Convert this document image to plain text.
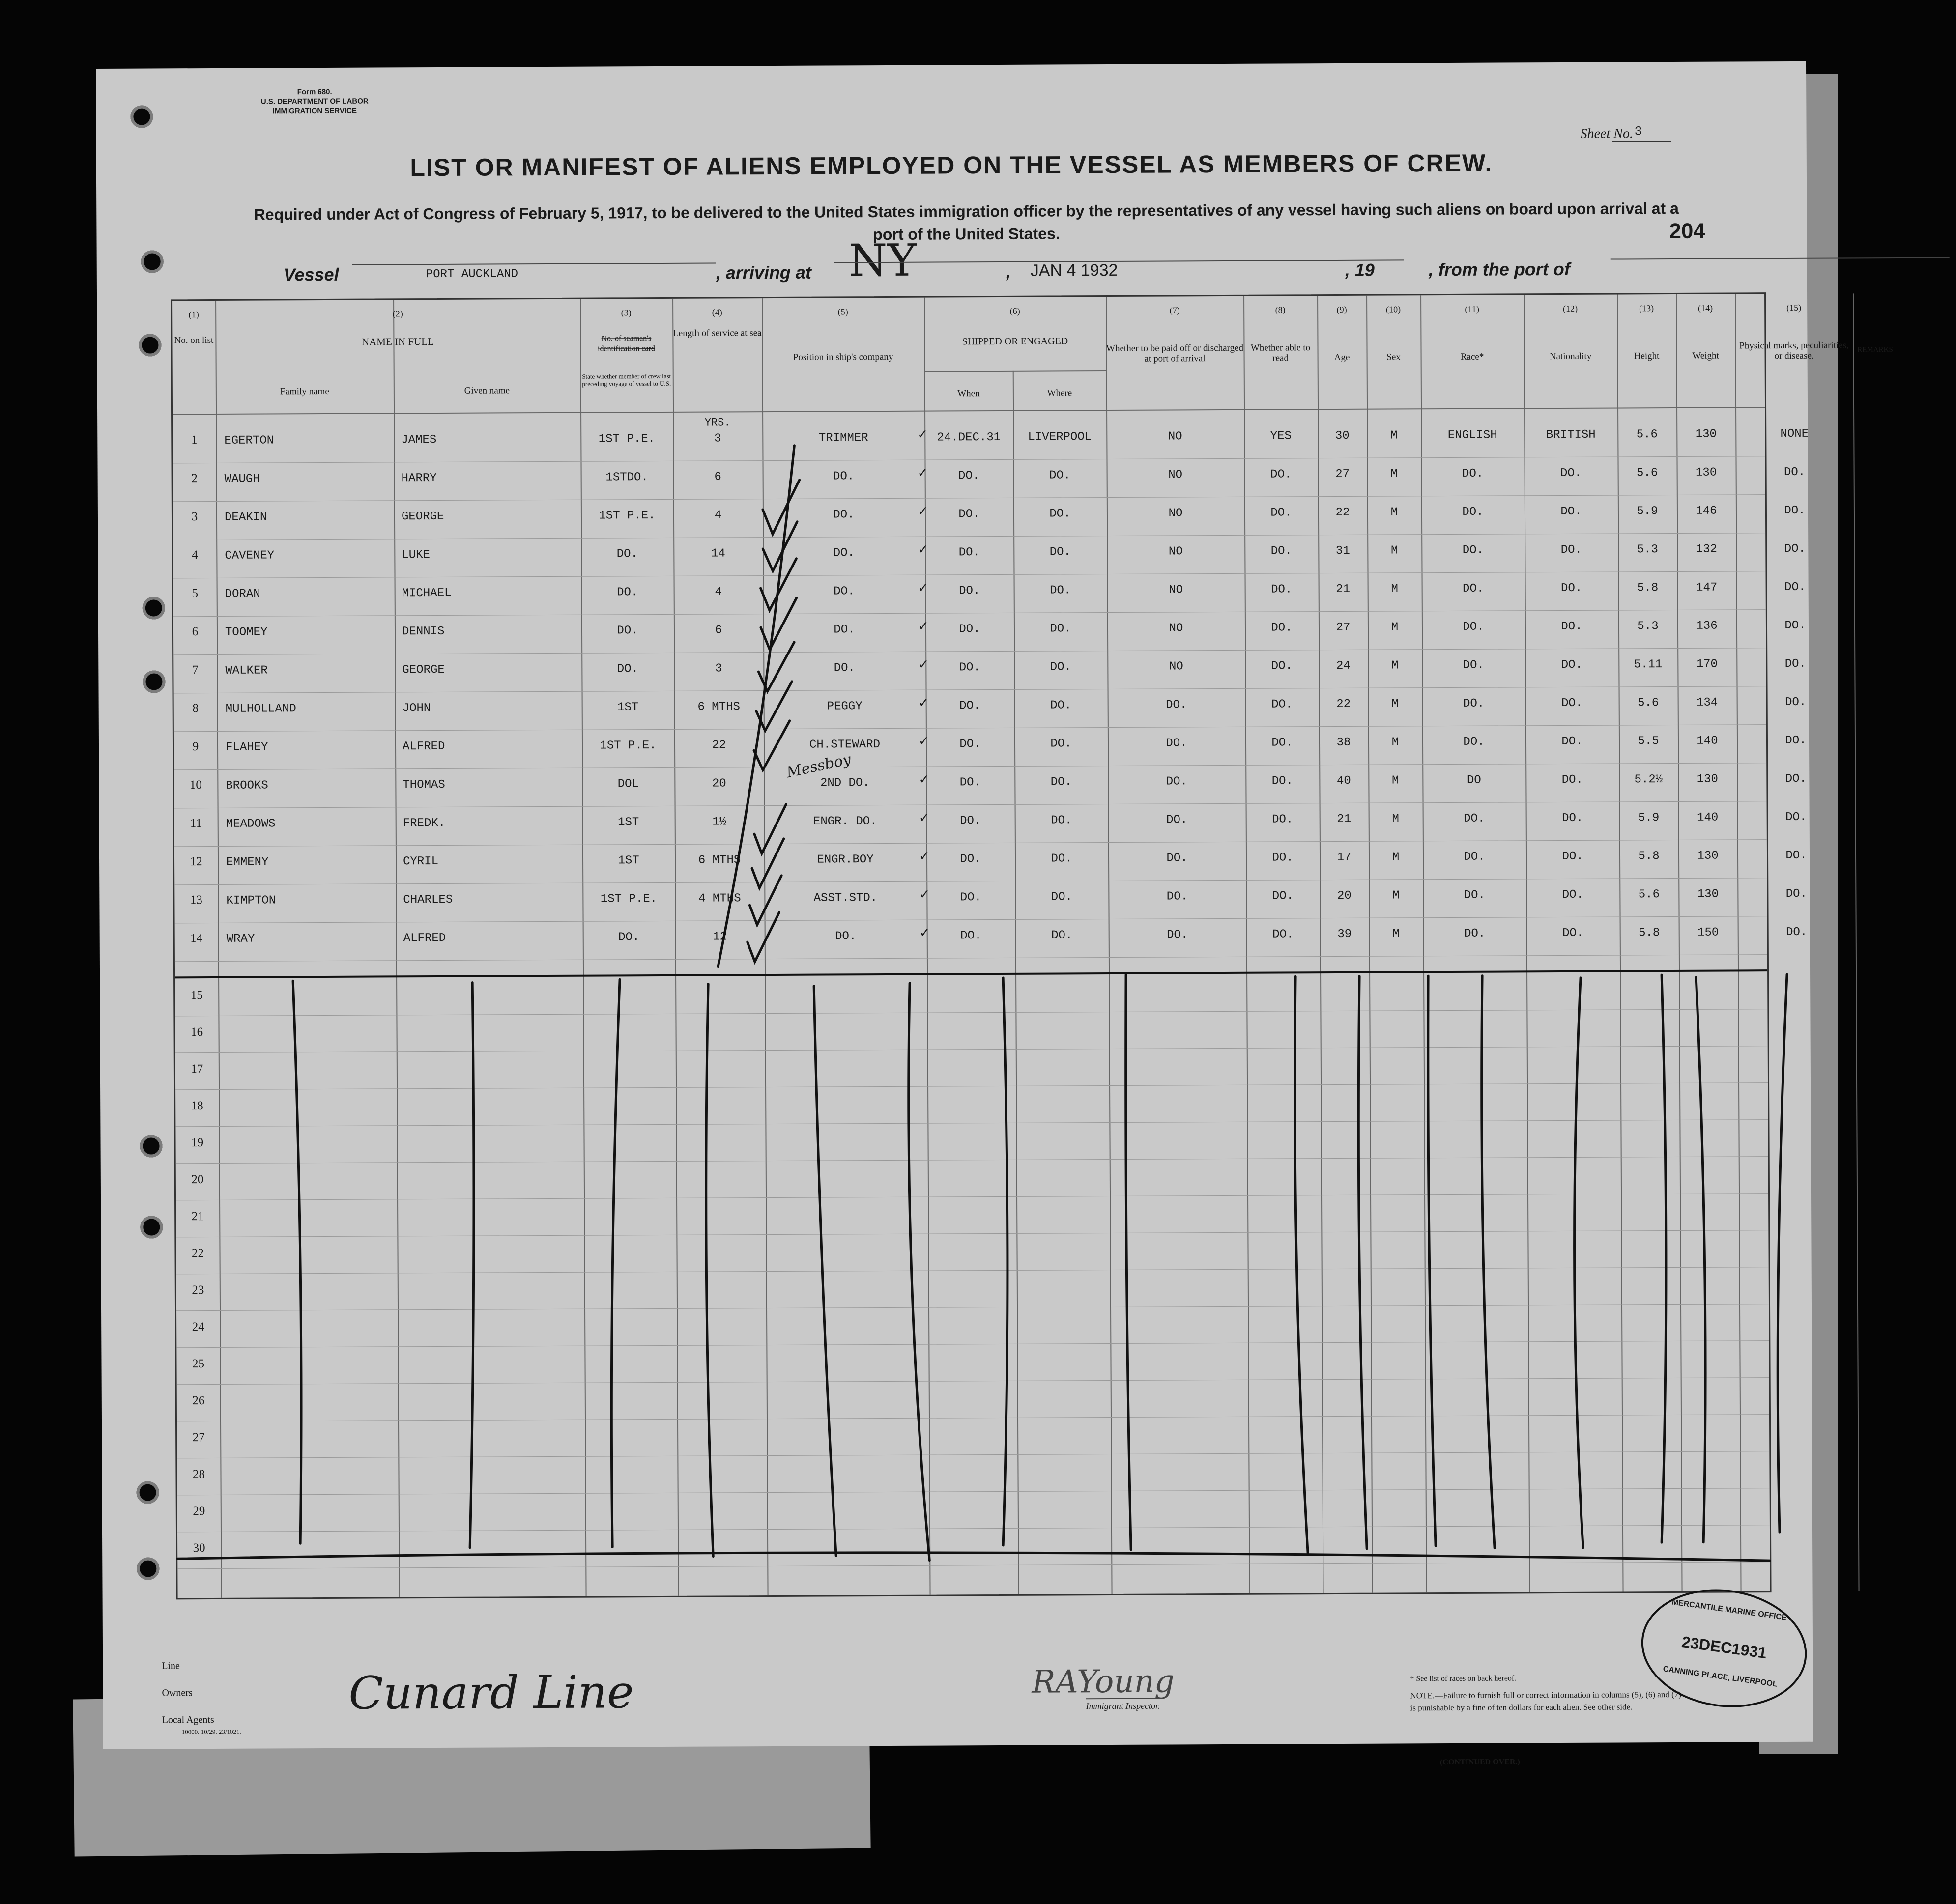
Form 680.
U.S. DEPARTMENT OF LABOR
IMMIGRATION SERVICE
Sheet No. 3
LIST OR MANIFEST OF ALIENS EMPLOYED ON THE VESSEL AS MEMBERS OF CREW.
Required under Act of Congress of February 5, 1917, to be delivered to the United States immigration officer by the representatives of any vessel having such aliens on board upon arrival at a port of the United States.	204
Vessel	PORT AUCKLAND	, arriving at NY	, JAN 4 1932	, 19	, from the port of
(1)	(2)	(3)	(4)	(5)	(6)	(7)	(8)	(9)	(10)	(11)	(12)	(13)	(14)	(15)
No. on list	NAME IN FULL
Family name	Given name
No. of seaman's identification card
State whether member of crew last preceding voyage of vessel to U.S.
Length of service at sea
Position in ship's company
SHIPPED OR ENGAGED
When	Where
Whether to be paid off or discharged at port of arrival
Whether able to read	Age	Sex	Race*	Nationality	Height	Weight
Physical marks, peculiarities, or disease.
REMARKS
YRS.
1	EGERTON	JAMES	1ST P.E.	3	TRIMMER	24.DEC.31	LIVERPOOL	NO	YES	30	M	ENGLISH	BRITISH	5.6	130	NONE
✓
2	WAUGH	HARRY	1STDO.	6	DO.	DO.	DO.	NO	DO.	27	M	DO.	DO.	5.6	130	DO.
✓
3	DEAKIN	GEORGE	1ST P.E.	4	DO.	DO.	DO.	NO	DO.	22	M	DO.	DO.	5.9	146	DO.
✓
4	CAVENEY	LUKE	DO.	14	DO.	DO.	DO.	NO	DO.	31	M	DO.	DO.	5.3	132	DO.
✓
5	DORAN	MICHAEL	DO.	4	DO.	DO.	DO.	NO	DO.	21	M	DO.	DO.	5.8	147	DO.
✓
6	TOOMEY	DENNIS	DO.	6	DO.	DO.	DO.	NO	DO.	27	M	DO.	DO.	5.3	136	DO.
✓
7	WALKER	GEORGE	DO.	3	DO.	DO.	DO.	NO	DO.	24	M	DO.	DO.	5.11	170	DO.
✓
8	MULHOLLAND	JOHN	1ST	6 MTHS	PEGGY	DO.	DO.	DO.	DO.	22	M	DO.	DO.	5.6	134	DO.
✓
9	FLAHEY	ALFRED	1ST P.E.	22	CH.STEWARD	DO.	DO.	DO.	DO.	38	M	DO.	DO.	5.5	140	DO.
✓
10	BROOKS	THOMAS	DOL	20	2ND DO.	DO.	DO.	DO.	DO.	40	M	DO	DO.	5.2½	130	DO.
✓
11	MEADOWS	FREDK.	1ST	1½	ENGR. DO.	DO.	DO.	DO.	DO.	21	M	DO.	DO.	5.9	140	DO.
✓
12	EMMENY	CYRIL	1ST	6 MTHS	ENGR.BOY	DO.	DO.	DO.	DO.	17	M	DO.	DO.	5.8	130	DO.
✓
13	KIMPTON	CHARLES	1ST P.E.	4 MTHS	ASST.STD.	DO.	DO.	DO.	DO.	20	M	DO.	DO.	5.6	130	DO.
✓
14	WRAY	ALFRED	DO.	12	DO.	DO.	DO.	DO.	DO.	39	M	DO.	DO.	5.8	150	DO.
✓
15
16
17
18
19
20
21
22
23
24
25
26
27
28
29
30
Messboy
Line
Owners
Local Agents
10000. 10/29. 23/1021.
Cunard Line	RAYoung
Immigrant Inspector.
* See list of races on back hereof.
NOTE.—Failure to furnish full or correct information in columns (5), (6) and (7) is punishable by a fine of ten dollars for each alien. See other side.
(CONTINUED OVER.)
MERCANTILE MARINE OFFICE
23DEC1931
CANNING PLACE, LIVERPOOL
